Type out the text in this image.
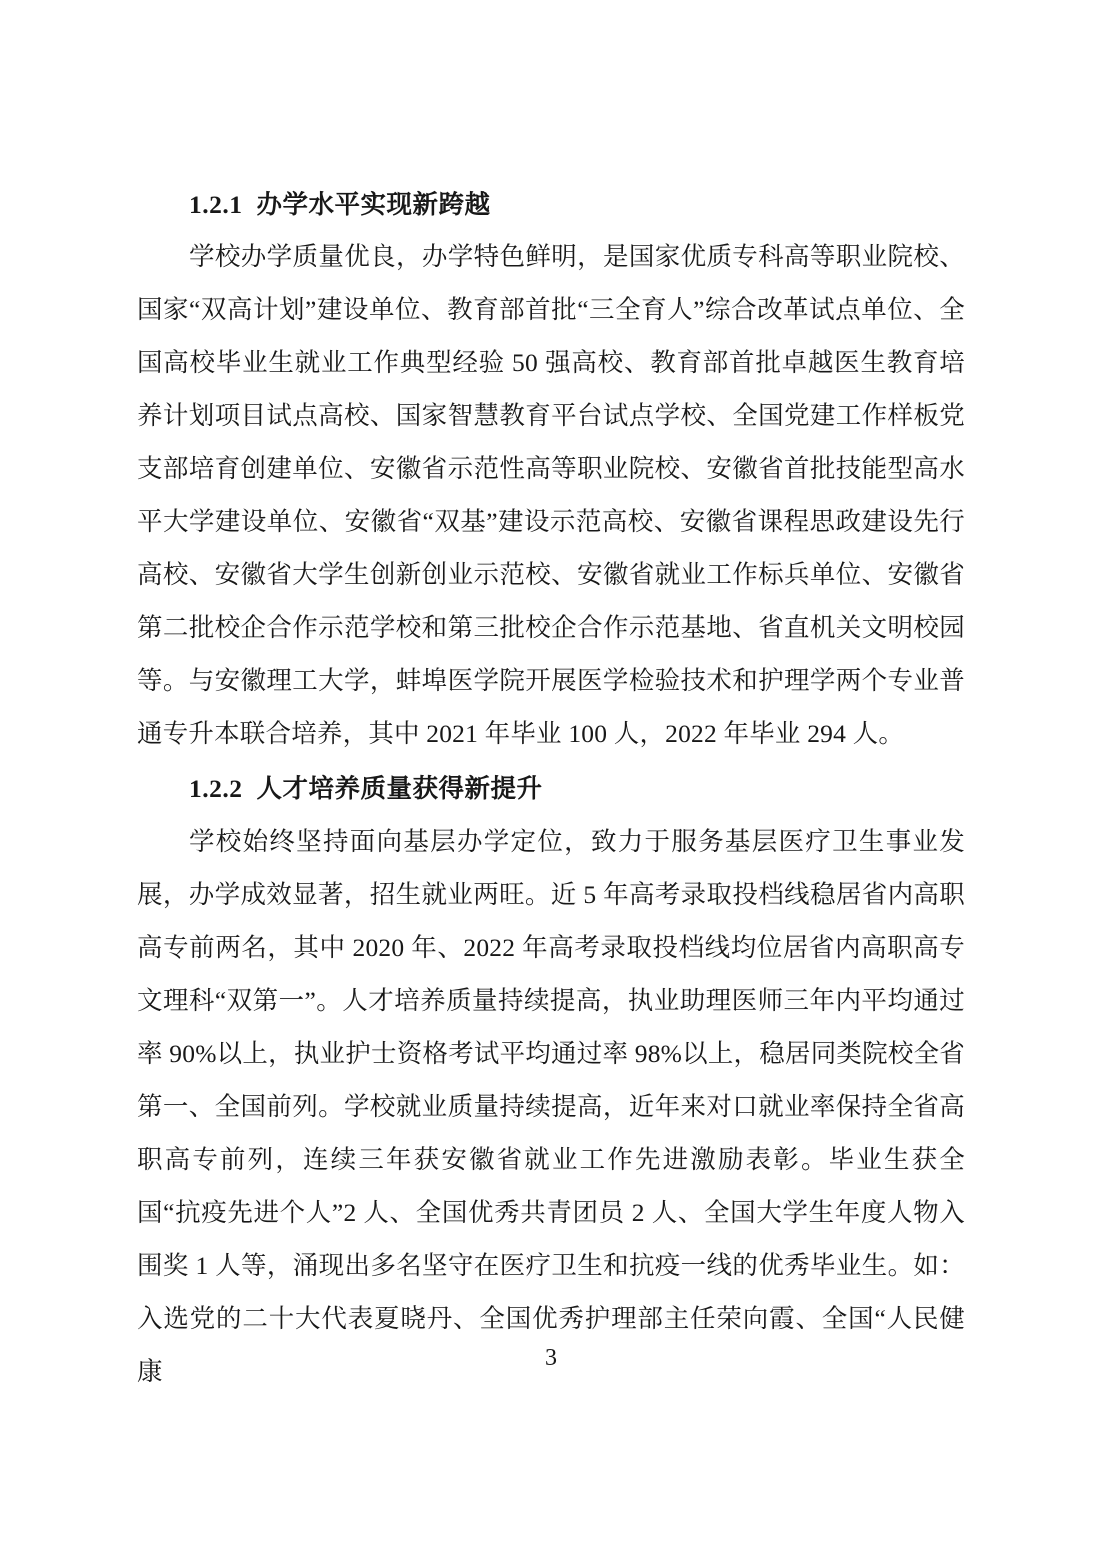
1.2.1 办学水平实现新跨越

学校办学质量优良，办学特色鲜明，是国家优质专科高等职业院校、国家“双高计划”建设单位、教育部首批“三全育人”综合改革试点单位、全国高校毕业生就业工作典型经验 50 强高校、教育部首批卓越医生教育培养计划项目试点高校、国家智慧教育平台试点学校、全国党建工作样板党支部培育创建单位、安徽省示范性高等职业院校、安徽省首批技能型高水平大学建设单位、安徽省“双基”建设示范高校、安徽省课程思政建设先行高校、安徽省大学生创新创业示范校、安徽省就业工作标兵单位、安徽省第二批校企合作示范学校和第三批校企合作示范基地、省直机关文明校园等。与安徽理工大学，蚌埠医学院开展医学检验技术和护理学两个专业普通专升本联合培养，其中 2021 年毕业 100 人，2022 年毕业 294 人。

1.2.2 人才培养质量获得新提升

学校始终坚持面向基层办学定位，致力于服务基层医疗卫生事业发展，办学成效显著，招生就业两旺。近 5 年高考录取投档线稳居省内高职高专前两名，其中 2020 年、2022 年高考录取投档线均位居省内高职高专文理科“双第一”。人才培养质量持续提高，执业助理医师三年内平均通过率 90%以上，执业护士资格考试平均通过率 98%以上，稳居同类院校全省第一、全国前列。学校就业质量持续提高，近年来对口就业率保持全省高职高专前列，连续三年获安徽省就业工作先进激励表彰。毕业生获全国“抗疫先进个人”2 人、全国优秀共青团员 2 人、全国大学生年度人物入围奖 1 人等，涌现出多名坚守在医疗卫生和抗疫一线的优秀毕业生。如：入选党的二十大代表夏晓丹、全国优秀护理部主任荣向霞、全国“人民健康	3
